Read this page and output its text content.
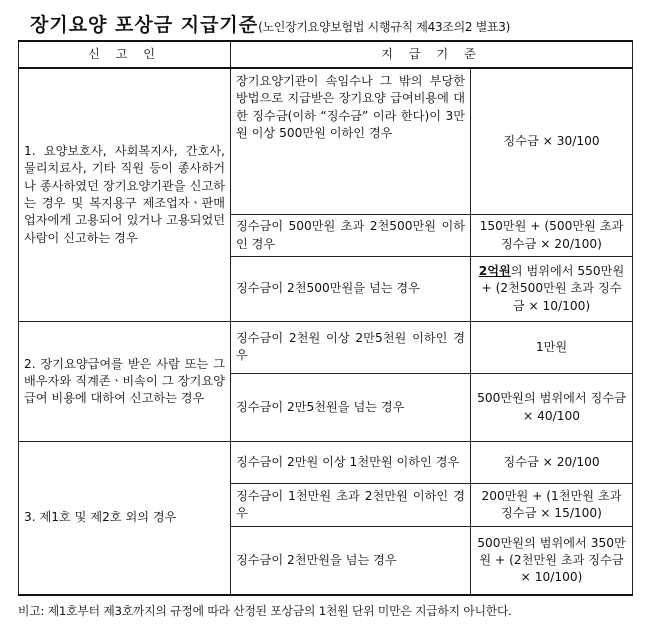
장기요양 포상금 지급기준(노인장기요양보험법 시행규칙 제43조의2 별표3)
신 고 인	지 급 기 준	
1. 요양보호사, 사회복지사, 간호사, 물리치료사, 기타 직원 등이 종사하거나 종사하였던 장기요양기관을 신고하는 경우 및 복지용구 제조업자ㆍ판매업자에게 고용되어 있거나 고용되었던 사람이 신고하는 경우	장기요양기관이 속임수나 그 밖의 부당한 방법으로 지급받은 장기요양 급여비용에 대한 징수금(이하 “징수금” 이라 한다)이 3만원 이상 500만원 이하인 경우	징수금 × 30/100
	징수금이 500만원 초과 2천500만원 이하인 경우	150만원 + (500만원 초과 징수금 × 20/100)
	징수금이 2천500만원을 넘는 경우	2억원의 범위에서 550만원 + (2천500만원 초과 징수금 × 10/100)
2. 장기요양급여를 받은 사람 또는 그 배우자와 직계존ㆍ비속이 그 장기요양급여 비용에 대하여 신고하는 경우	징수금이 2천원 이상 2만5천원 이하인 경우	1만원
	징수금이 2만5천원을 넘는 경우	500만원의 범위에서 징수금 × 40/100
3. 제1호 및 제2호 외의 경우	징수금이 2만원 이상 1천만원 이하인 경우	징수금 × 20/100
	징수금이 1천만원 초과 2천만원 이하인 경우	200만원 + (1천만원 초과 징수금 × 15/100)
	징수금이 2천만원을 넘는 경우	500만원의 범위에서 350만원 + (2천만원 초과 징수금 × 10/100)
비고: 제1호부터 제3호까지의 규정에 따라 산정된 포상금의 1천원 단위 미만은 지급하지 아니한다.
